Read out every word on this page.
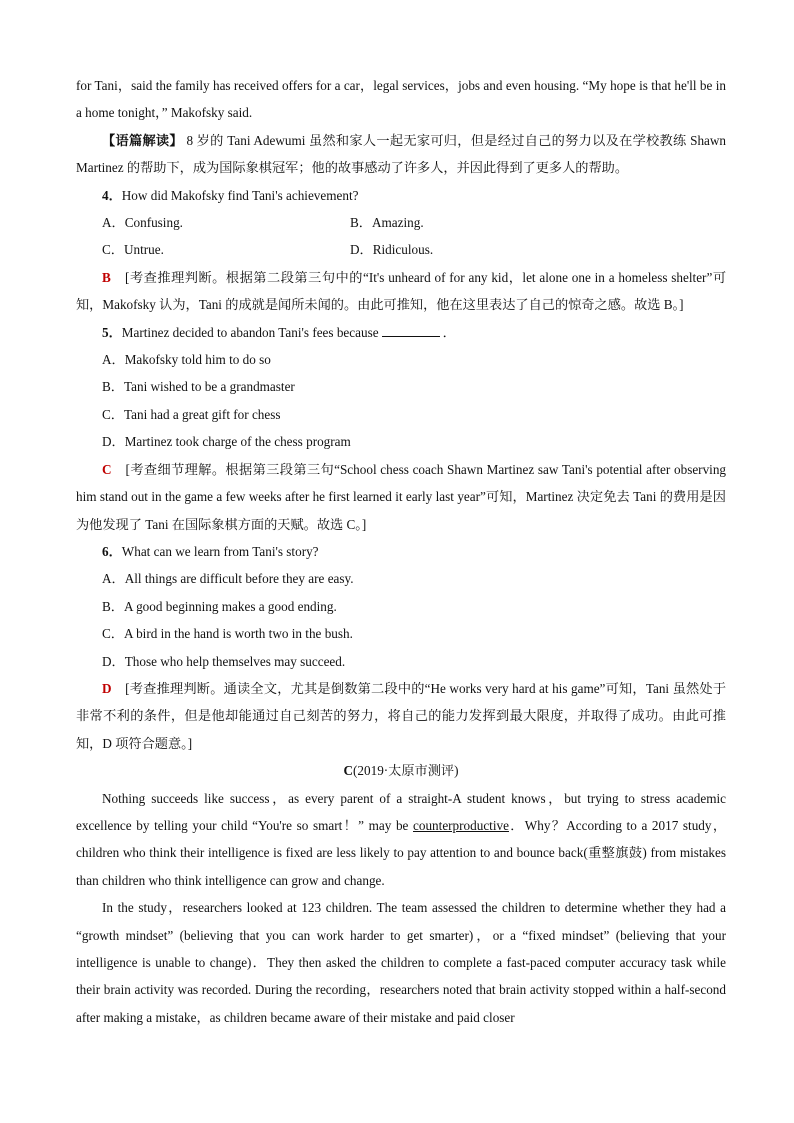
for Tani，said the family has received offers for a car，legal services，jobs and even housing. “My hope is that he'll be in a home tonight，” Makofsky said.

【语篇解读】 8 岁的 Tani Adewumi 虽然和家人一起无家可归，但是经过自己的努力以及在学校教练 Shawn Martinez 的帮助下，成为国际象棋冠军；他的故事感动了许多人，并因此得到了更多人的帮助。

4．How did Makofsky find Tani's achievement?

A．Confusing.	B．Amazing.
C．Untrue.	D．Ridiculous.

B　 [考查推理判断。根据第二段第三句中的“It's unheard of for any kid，let alone one in a homeless shelter”可知，Makofsky 认为，Tani 的成就是闻所未闻的。由此可推知，他在这里表达了自己的惊奇之感。故选 B。]

5．Martinez decided to abandon Tani's fees because	．

A．Makofsky told him to do so

B．Tani wished to be a grandmaster

C．Tani had a great gift for chess

D．Martinez took charge of the chess program

C　 [考查细节理解。根据第三段第三句“School chess coach Shawn Martinez saw Tani's potential after observing him stand out in the game a few weeks after he first learned it early last year”可知，Martinez 决定免去 Tani 的费用是因为他发现了 Tani 在国际象棋方面的天赋。故选 C。]

6．What can we learn from Tani's story?

A．All things are difficult before they are easy.

B．A good beginning makes a good ending.

C．A bird in the hand is worth two in the bush.

D．Those who help themselves may succeed.

D　 [考查推理判断。通读全文，尤其是倒数第二段中的“He works very hard at his game”可知，Tani 虽然处于非常不利的条件，但是他却能通过自己刻苦的努力，将自己的能力发挥到最大限度，并取得了成功。由此可推知，D 项符合题意。]

C(2019·太原市测评)

Nothing succeeds like success，as every parent of a straight-A student knows，but trying to stress academic excellence by telling your child “You're so smart！” may be counterproductive．Why？According to a 2017 study，children who think their intelligence is fixed are less likely to pay attention to and bounce back(重整旗鼓) from mistakes than children who think intelligence can grow and change.

In the study，researchers looked at 123 children. The team assessed the children to determine whether they had a “growth mindset” (believing that you can work harder to get smarter)，or a “fixed mindset” (believing that your intelligence is unable to change)．They then asked the children to complete a fast-paced computer accuracy task while their brain activity was recorded. During the recording，researchers noted that brain activity stopped within a half-second after making a mistake，as children became aware of their mistake and paid closer
